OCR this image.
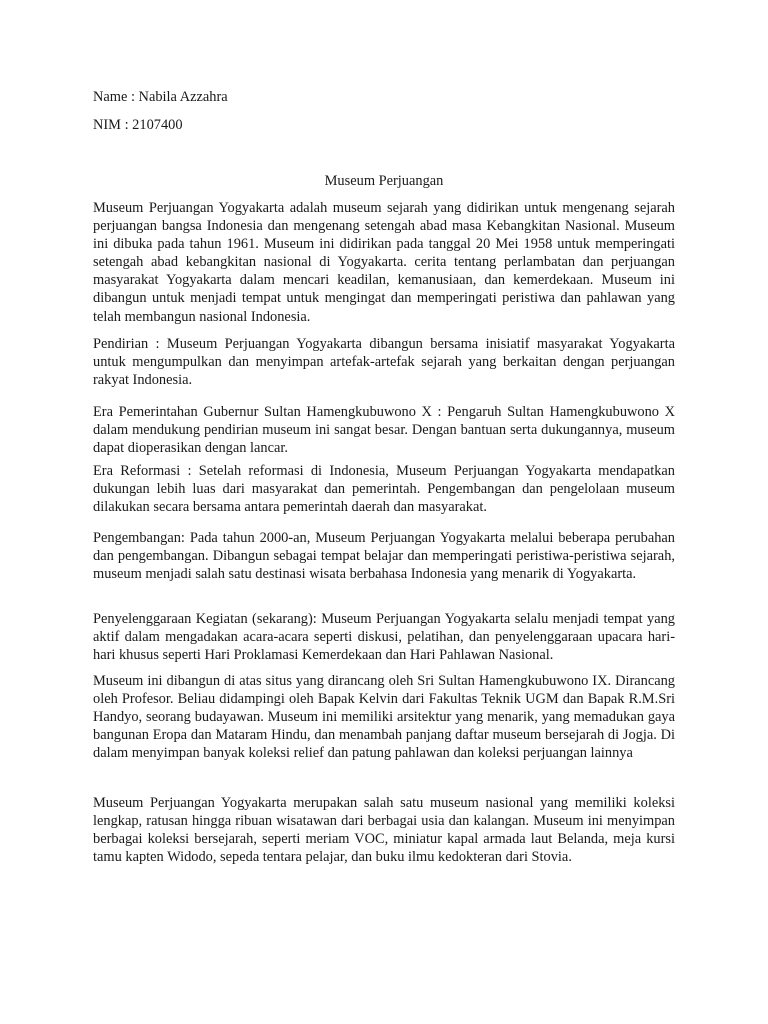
Name : Nabila Azzahra
NIM : 2107400
Museum Perjuangan

Museum Perjuangan Yogyakarta adalah museum sejarah yang didirikan untuk mengenang sejarah perjuangan bangsa Indonesia dan mengenang setengah abad masa Kebangkitan Nasional. Museum ini dibuka pada tahun 1961. Museum ini didirikan pada tanggal 20 Mei 1958 untuk memperingati setengah abad kebangkitan nasional di Yogyakarta. cerita tentang perlambatan dan perjuangan masyarakat Yogyakarta dalam mencari keadilan, kemanusiaan, dan kemerdekaan. Museum ini dibangun untuk menjadi tempat untuk mengingat dan memperingati peristiwa dan pahlawan yang telah membangun nasional Indonesia.

Pendirian : Museum Perjuangan Yogyakarta dibangun bersama inisiatif masyarakat Yogyakarta untuk mengumpulkan dan menyimpan artefak-artefak sejarah yang berkaitan dengan perjuangan rakyat Indonesia.

Era Pemerintahan Gubernur Sultan Hamengkubuwono X : Pengaruh Sultan Hamengkubuwono X dalam mendukung pendirian museum ini sangat besar. Dengan bantuan serta dukungannya, museum dapat dioperasikan dengan lancar.

Era Reformasi : Setelah reformasi di Indonesia, Museum Perjuangan Yogyakarta mendapatkan dukungan lebih luas dari masyarakat dan pemerintah. Pengembangan dan pengelolaan museum dilakukan secara bersama antara pemerintah daerah dan masyarakat.

Pengembangan: Pada tahun 2000-an, Museum Perjuangan Yogyakarta melalui beberapa perubahan dan pengembangan. Dibangun sebagai tempat belajar dan memperingati peristiwa-peristiwa sejarah, museum menjadi salah satu destinasi wisata berbahasa Indonesia yang menarik di Yogyakarta.

Penyelenggaraan Kegiatan (sekarang): Museum Perjuangan Yogyakarta selalu menjadi tempat yang aktif dalam mengadakan acara-acara seperti diskusi, pelatihan, dan penyelenggaraan upacara hari-hari khusus seperti Hari Proklamasi Kemerdekaan dan Hari Pahlawan Nasional.

Museum ini dibangun di atas situs yang dirancang oleh Sri Sultan Hamengkubuwono IX. Dirancang oleh Profesor. Beliau didampingi oleh Bapak Kelvin dari Fakultas Teknik UGM dan Bapak R.M.Sri Handyo, seorang budayawan. Museum ini memiliki arsitektur yang menarik, yang memadukan gaya bangunan Eropa dan Mataram Hindu, dan menambah panjang daftar museum bersejarah di Jogja. Di dalam menyimpan banyak koleksi relief dan patung pahlawan dan koleksi perjuangan lainnya

Museum Perjuangan Yogyakarta merupakan salah satu museum nasional yang memiliki koleksi lengkap, ratusan hingga ribuan wisatawan dari berbagai usia dan kalangan. Museum ini menyimpan berbagai koleksi bersejarah, seperti meriam VOC, miniatur kapal armada laut Belanda, meja kursi tamu kapten Widodo, sepeda tentara pelajar, dan buku ilmu kedokteran dari Stovia.
